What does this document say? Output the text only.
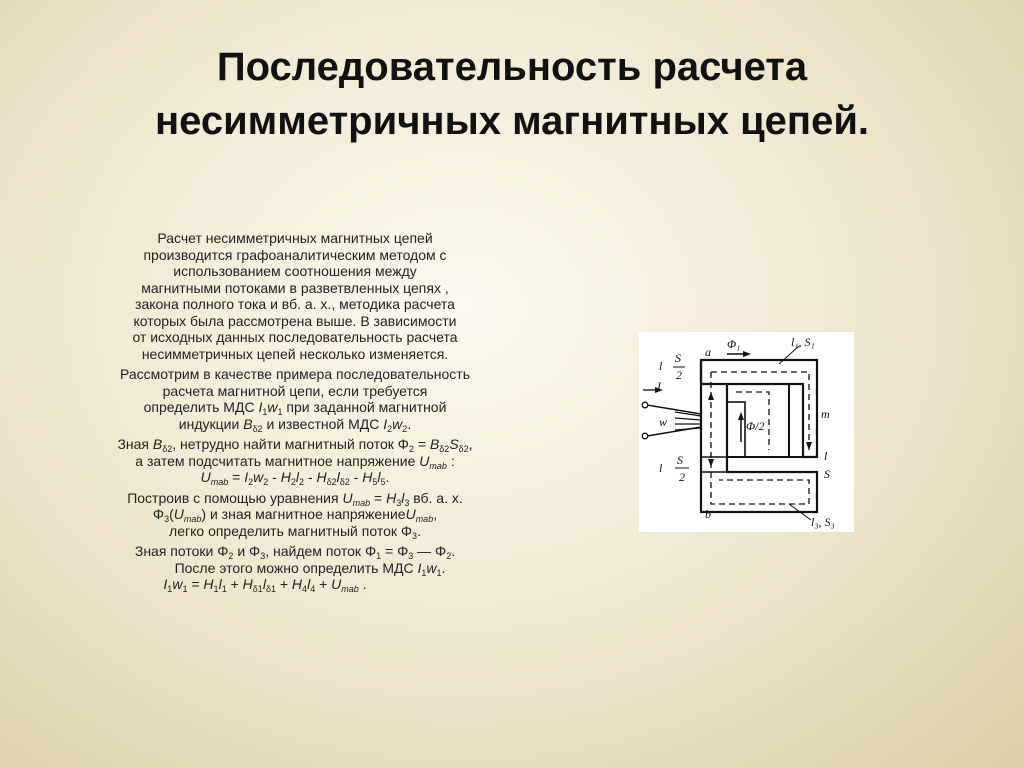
Последовательность расчета
несимметричных магнитных цепей.
Расчет несимметричных магнитных цепей
производится графоаналитическим методом с
использованием соотношения между
магнитными потоками в разветвленных цепях ,
закона полного тока и вб. а. х., методика расчета
которых была рассмотрена выше. В зависимости
от исходных данных последовательность расчета
несимметричных цепей несколько изменяется.
Рассмотрим в качестве примера последовательность
расчета магнитной цепи, если требуется
определить МДС $I_1w_1$ при заданной магнитной
индукции $B_{\delta 2}$ и известной МДС $I_2w_2$.
Зная $B_{\delta 2}$, нетрудно найти магнитный поток $\Phi_2 = B_{\delta 2}S_{\delta 2}$,
а затем подсчитать магнитное напряжение $U_{mab}$ :
$U_{mab} = I_2w_2 - H_2l_2 - H_{\delta 2}l_{\delta 2} - H_5l_5$.
Построив с помощью уравнения $U_{mab} = H_3l_3$ вб. а. х.
$\Phi_3(U_{mab})$ и зная магнитное напряжениеU$_{mab}$,
легко определить магнитный поток $\Phi_3$.
Зная потоки $\Phi_2$ и $\Phi_3$, найдем поток $\Phi_1 = \Phi_3$ — $\Phi_2$.
После этого можно определить МДС $I_1w_1$.
$I_1w_1 = H_1l_1 + H_{\delta 1}l_{\delta 1} + H_4l_4 + U_{mab}$ .
a
Φ₁	l₁, S₁
m
Φ/2
l
S
2
I
w
l
S
2
l
S
b
l₃, S₃
